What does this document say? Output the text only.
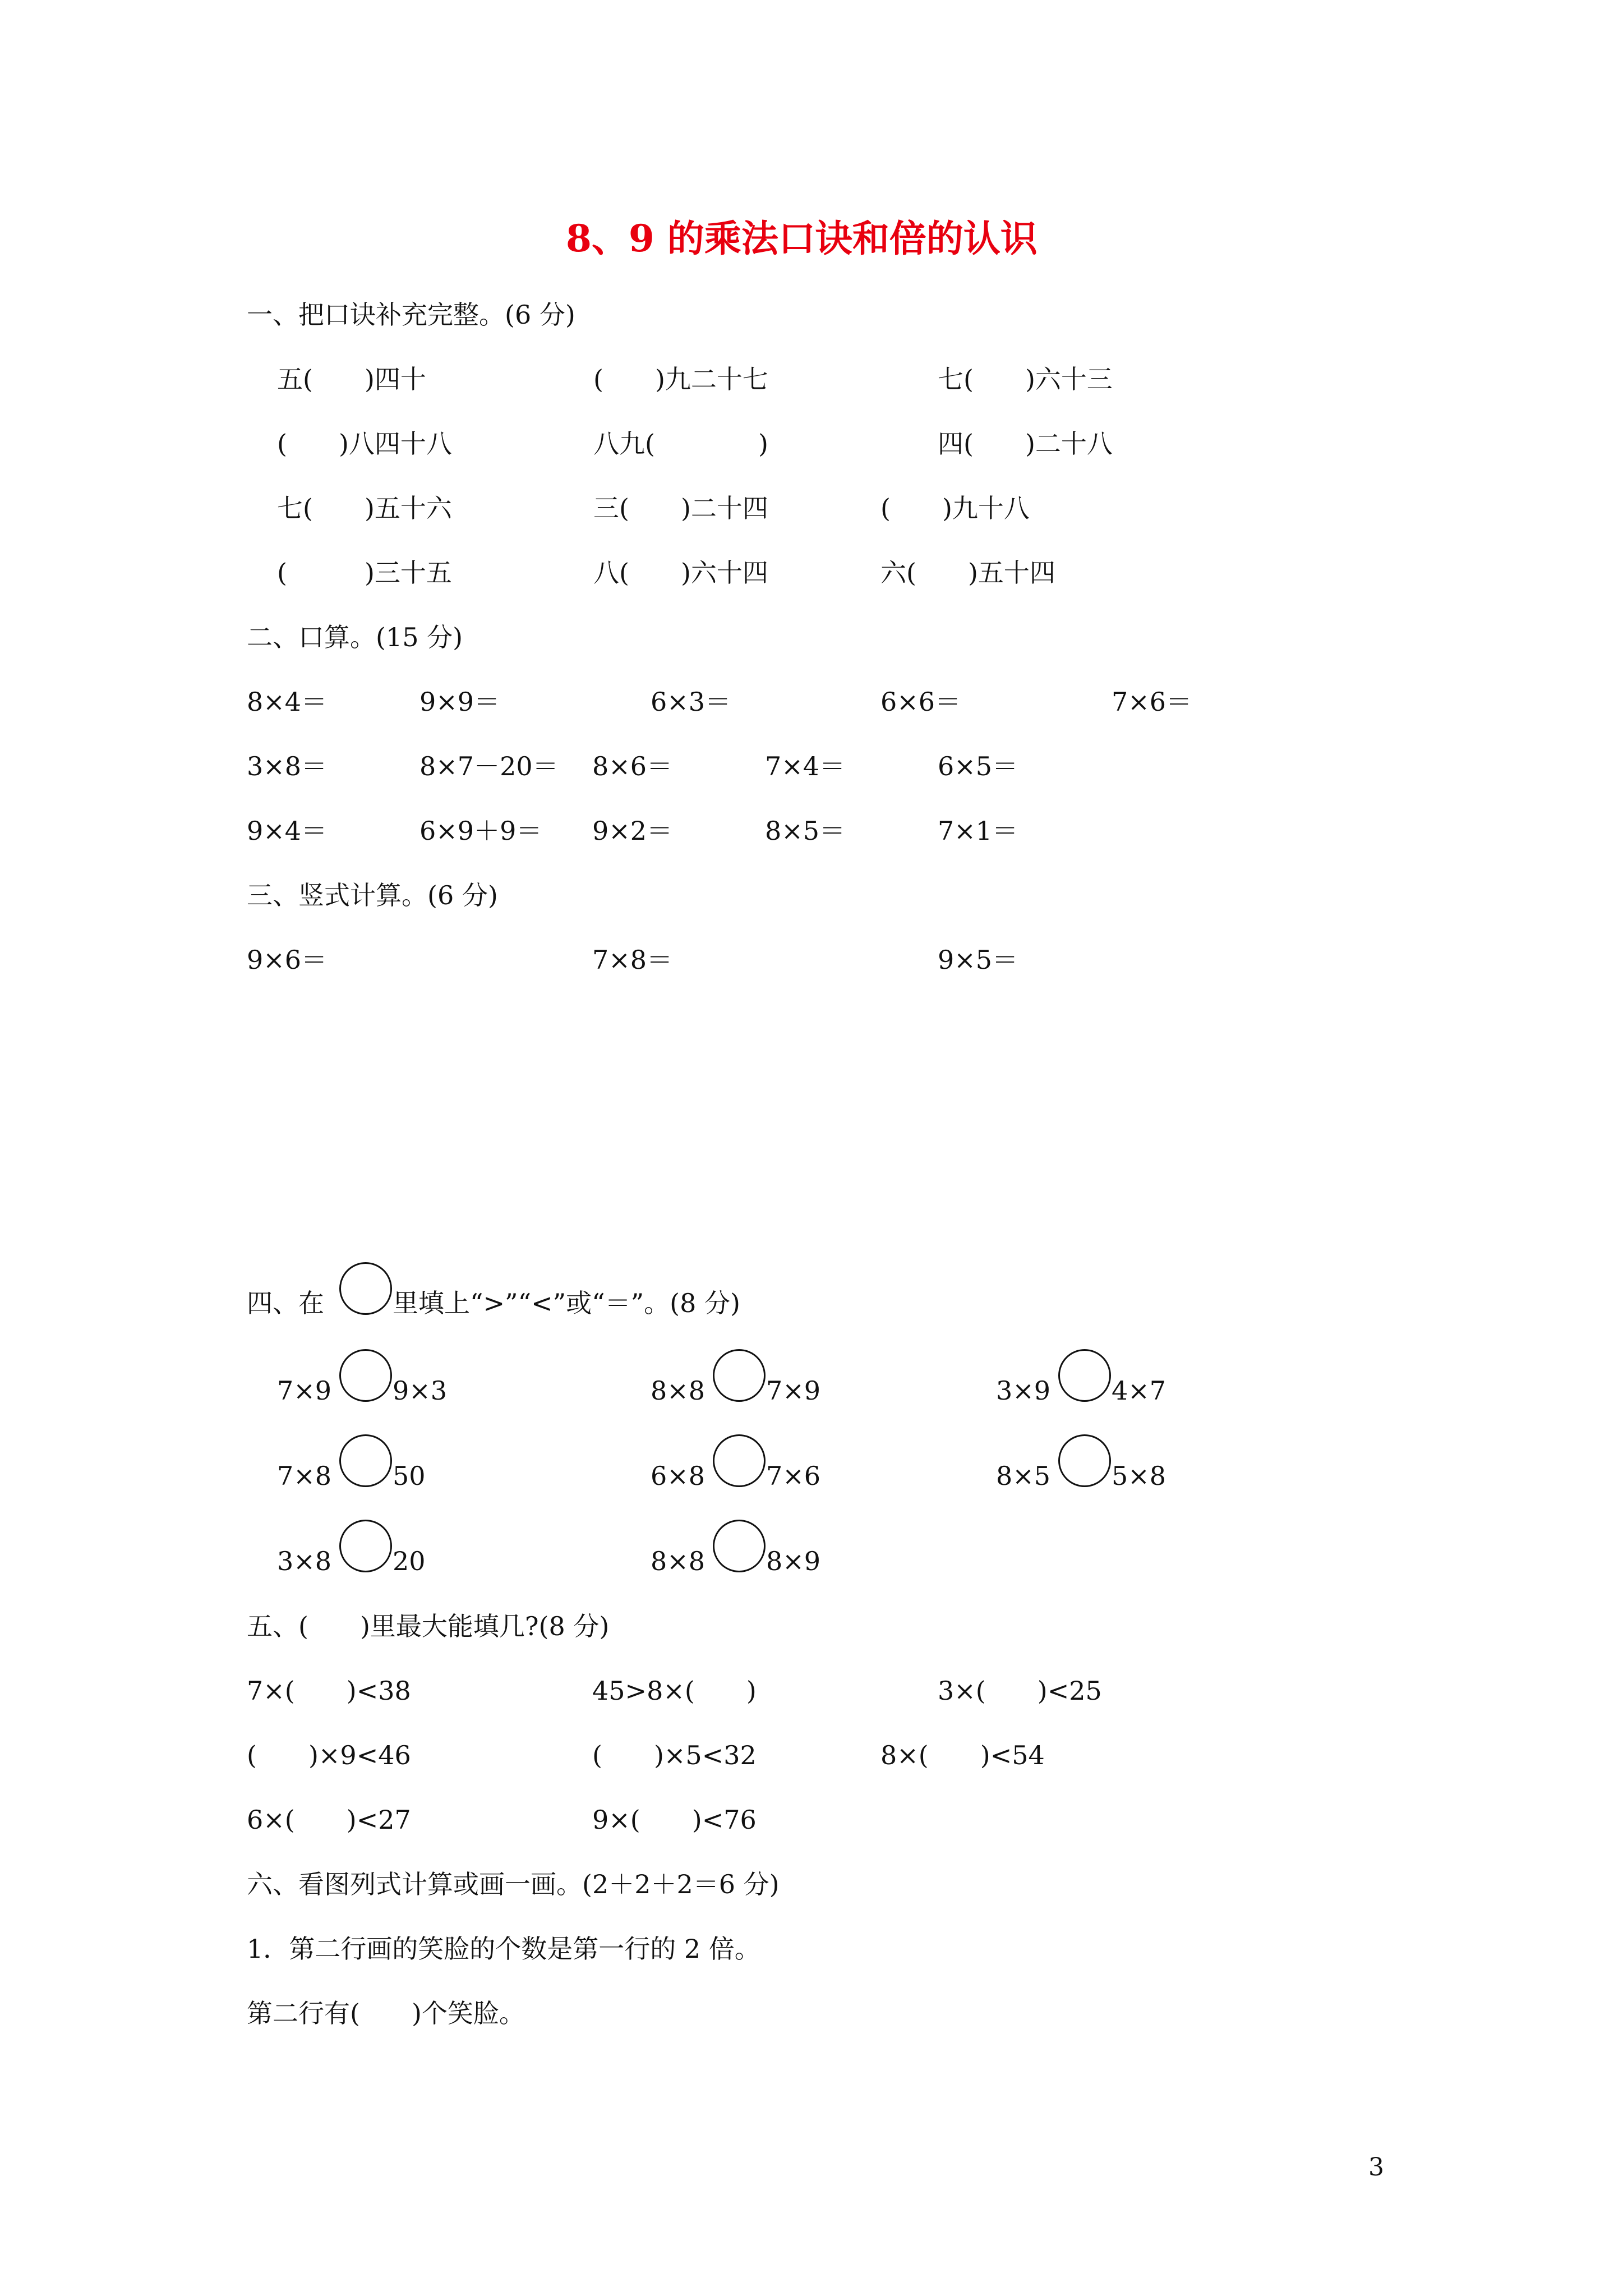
8、9 的乘法口诀和倍的认识
一、把口诀补充完整。(6 分)
五(　　)四十	(　　)九二十七	七(　　)六十三
(　　)八四十八	八九(　　　　)	四(　　)二十八
七(　　)五十六	三(　　)二十四	(　　)九十八
(　　　)三十五	八(　　)六十四	六(　　)五十四
二、口算。(15 分)
8×4＝	9×9＝	6×3＝	6×6＝	7×6＝
3×8＝	8×7－20＝ 8×6＝	7×4＝	6×5＝
9×4＝	6×9＋9＝ 9×2＝	8×5＝	7×1＝
三、竖式计算。(6 分)
9×6＝	7×8＝	9×5＝
四、在	里填上“>”“<”或“＝”。(8 分)
7×9 9×3	8×8 7×9	3×9 4×7
7×8 50	6×8 7×6	8×5 5×8
3×8 20	8×8 8×9
五、(　　)里最大能填几?(8 分)
7×(　　)<38	45>8×(　　)	3×(　　)<25
(　　)×9<46	(　　)×5<32	8×(　　)<54
6×(　　)<27	9×(　　)<76
六、看图列式计算或画一画。(2＋2＋2＝6 分)
1．第二行画的笑脸的个数是第一行的 2 倍。
第二行有(　　)个笑脸。
3
